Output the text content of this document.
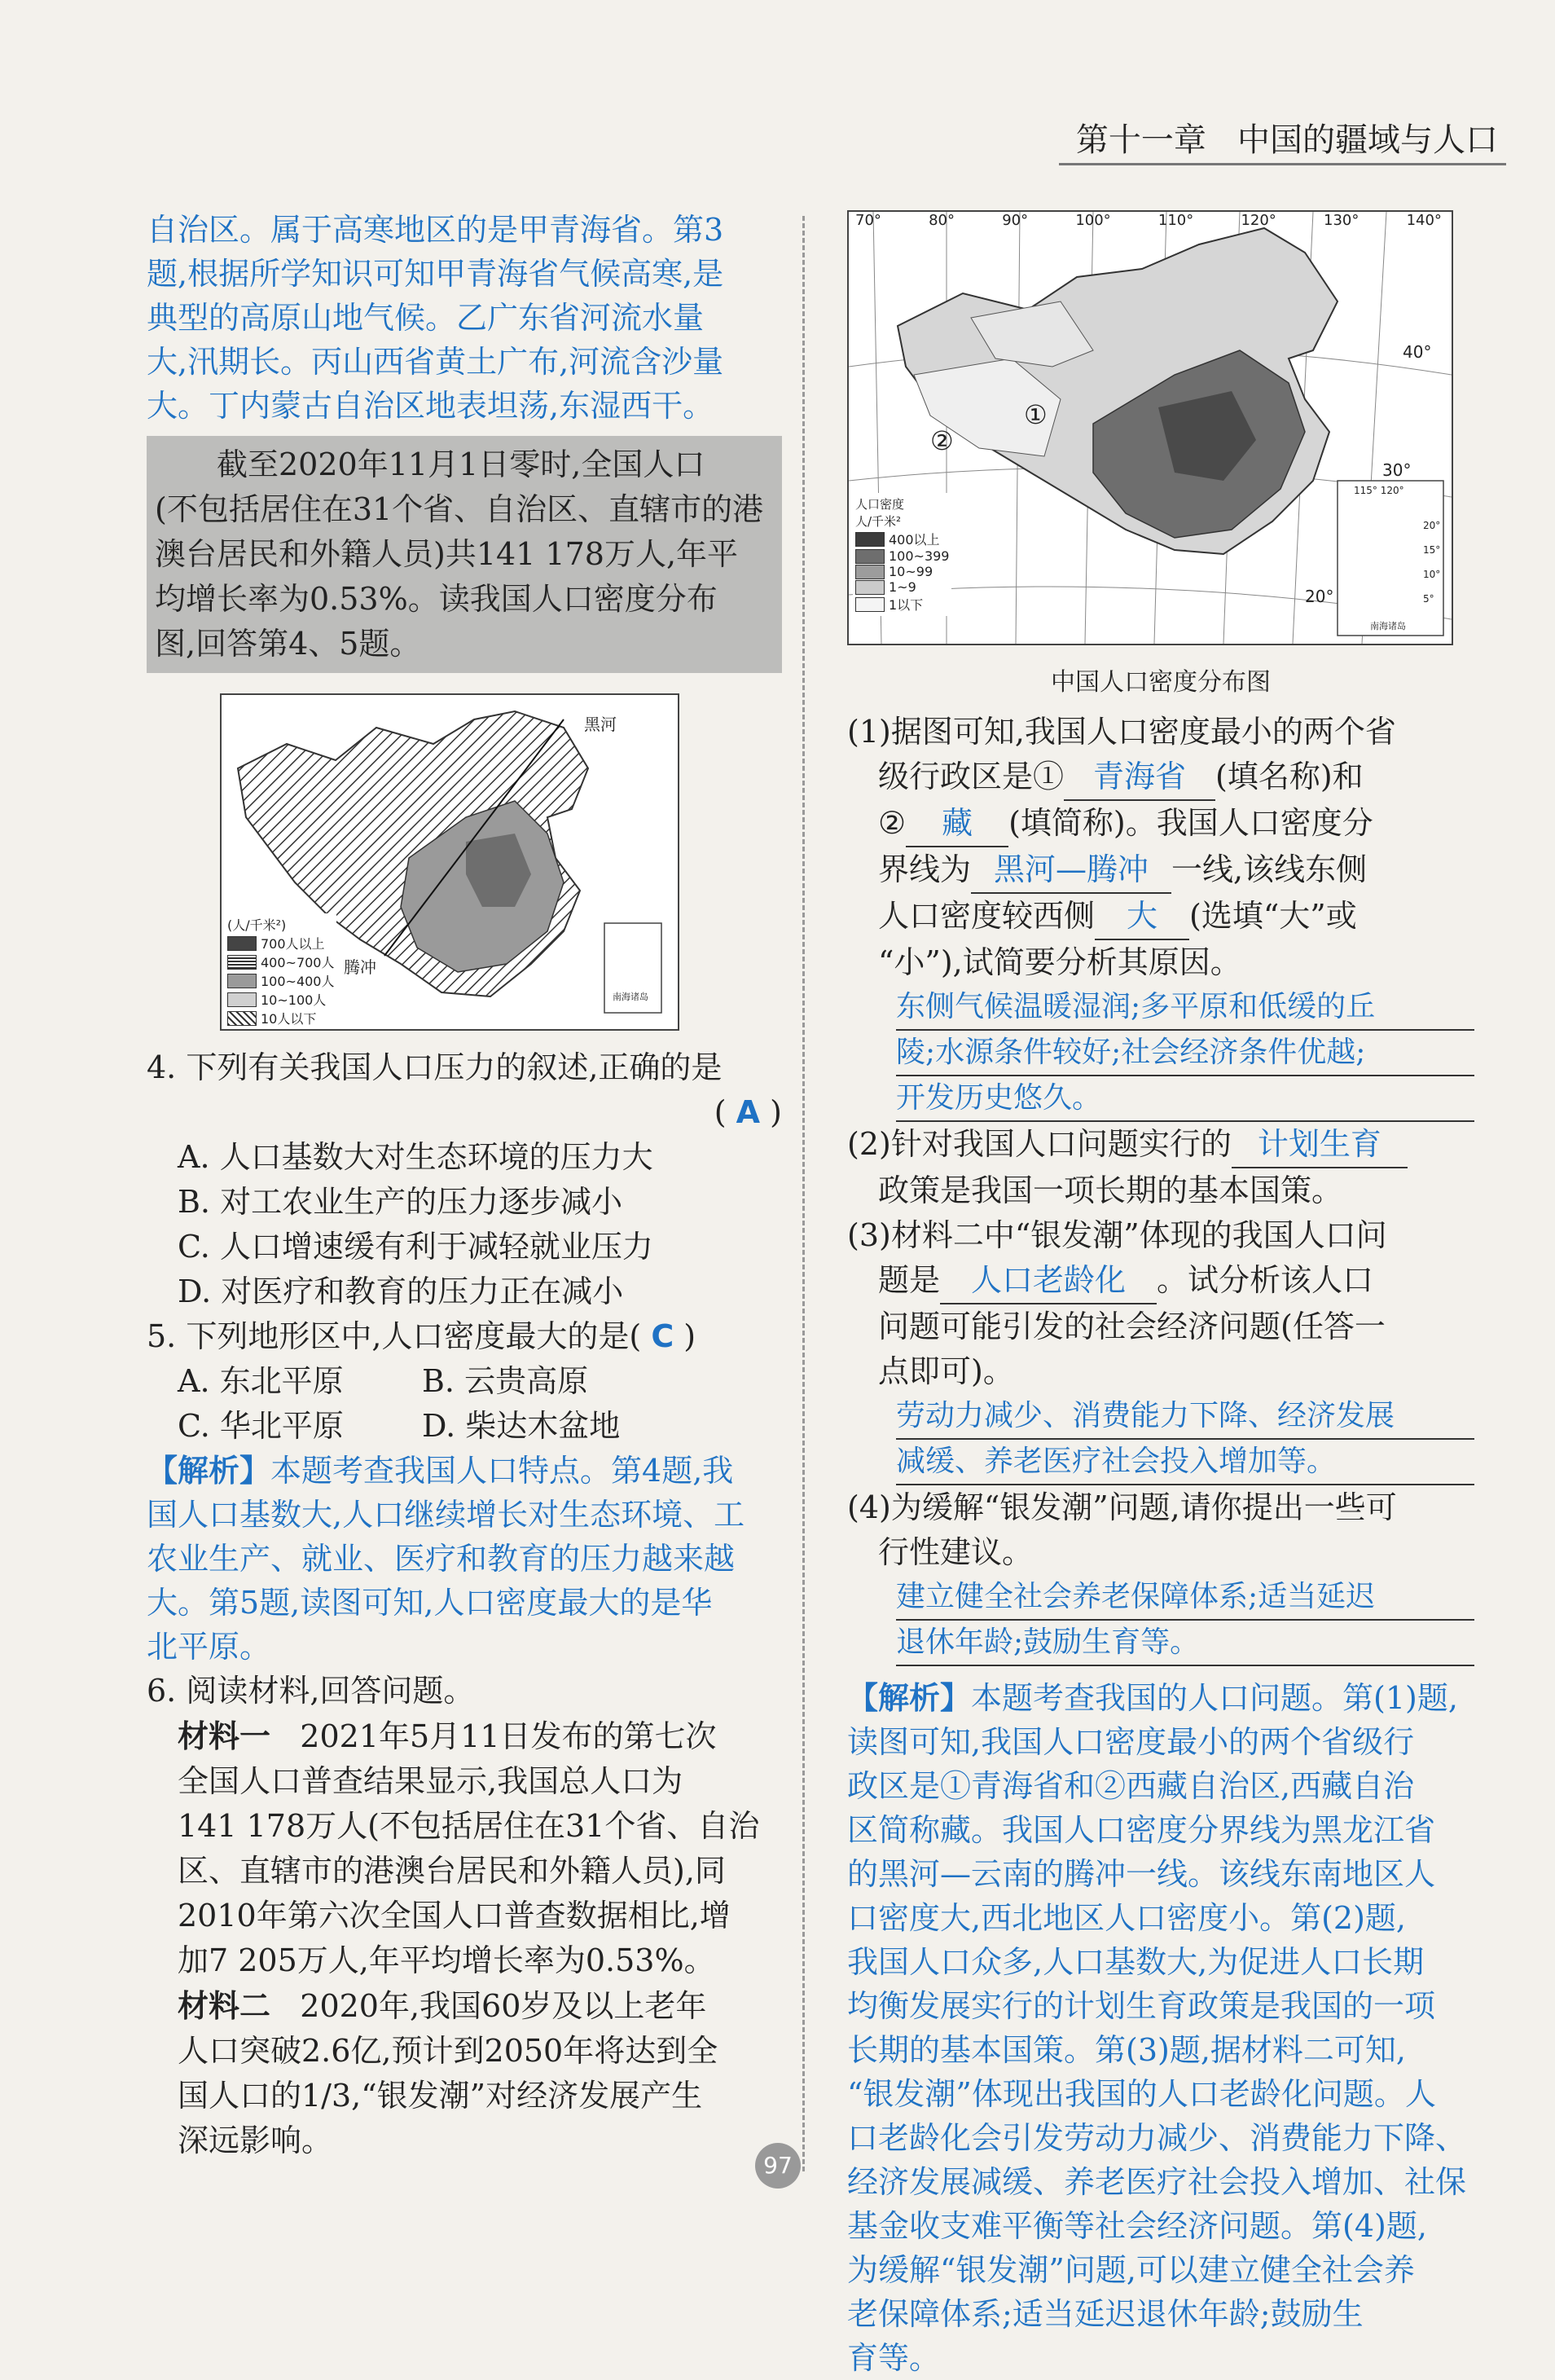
第十一章 中国的疆域与人口

自治区。属于高寒地区的是甲青海省。第3

题,根据所学知识可知甲青海省气候高寒,是

典型的高原山地气候。乙广东省河流水量

大,汛期长。丙山西省黄土广布,河流含沙量

大。丁内蒙古自治区地表坦荡,东湿西干。

截至2020年11月1日零时,全国人口
(不包括居住在31个省、自治区、直辖市的港
澳台居民和外籍人员)共141 178万人,年平
均增长率为0.53%。读我国人口密度分布
图,回答第4、5题。
黑河
腾冲
南海诸岛
(人/千米²)
700人以上
400~700人
100~400人
10~100人
10人以下

4. 下列有关我国人口压力的叙述,正确的是

( A )

A. 人口基数大对生态环境的压力大

B. 对工农业生产的压力逐步减小

C. 人口增速缓有利于减轻就业压力

D. 对医疗和教育的压力正在减小

5. 下列地形区中,人口密度最大的是( C )

A. 东北平原	B. 云贵高原

C. 华北平原	D. 柴达木盆地

【解析】本题考查我国人口特点。第4题,我

国人口基数大,人口继续增长对生态环境、工

农业生产、就业、医疗和教育的压力越来越

大。第5题,读图可知,人口密度最大的是华

北平原。

6. 阅读材料,回答问题。

材料一 2021年5月11日发布的第七次

全国人口普查结果显示,我国总人口为

141 178万人(不包括居住在31个省、自治

区、直辖市的港澳台居民和外籍人员),同

2010年第六次全国人口普查数据相比,增

加7 205万人,年平均增长率为0.53%。

材料二 2020年,我国60岁及以上老年

人口突破2.6亿,预计到2050年将达到全

国人口的1/3,“银发潮”对经济发展产生

深远影响。

70°	80°	90°	100°	110°	120°	130°	140°
40°
30°
20°
115° 120°
20°
15°
10°
5°
南海诸岛
①
②
人口密度
人/千米²
400以上
100~399
10~99
1~9
1以下
中国人口密度分布图

(1)据图可知,我国人口密度最小的两个省

级行政区是① 青海省 (填名称)和

② 藏 (填简称)。我国人口密度分

界线为 黑河—腾冲 一线,该线东侧

人口密度较西侧 大 (选填“大”或

“小”),试简要分析其原因。

东侧气候温暖湿润;多平原和低缓的丘
陵;水源条件较好;社会经济条件优越;
开发历史悠久。

(2)针对我国人口问题实行的 计划生育

政策是我国一项长期的基本国策。

(3)材料二中“银发潮”体现的我国人口问

题是 人口老龄化 。试分析该人口

问题可能引发的社会经济问题(任答一

点即可)。

劳动力减少、消费能力下降、经济发展
减缓、养老医疗社会投入增加等。

(4)为缓解“银发潮”问题,请你提出一些可

行性建议。

建立健全社会养老保障体系;适当延迟
退休年龄;鼓励生育等。

【解析】本题考查我国的人口问题。第(1)题,

读图可知,我国人口密度最小的两个省级行

政区是①青海省和②西藏自治区,西藏自治

区简称藏。我国人口密度分界线为黑龙江省

的黑河—云南的腾冲一线。该线东南地区人

口密度大,西北地区人口密度小。第(2)题,

我国人口众多,人口基数大,为促进人口长期

均衡发展实行的计划生育政策是我国的一项

长期的基本国策。第(3)题,据材料二可知,

“银发潮”体现出我国的人口老龄化问题。人

口老龄化会引发劳动力减少、消费能力下降、

经济发展减缓、养老医疗社会投入增加、社保

基金收支难平衡等社会经济问题。第(4)题,

为缓解“银发潮”问题,可以建立健全社会养

老保障体系;适当延迟退休年龄;鼓励生

育等。

97
